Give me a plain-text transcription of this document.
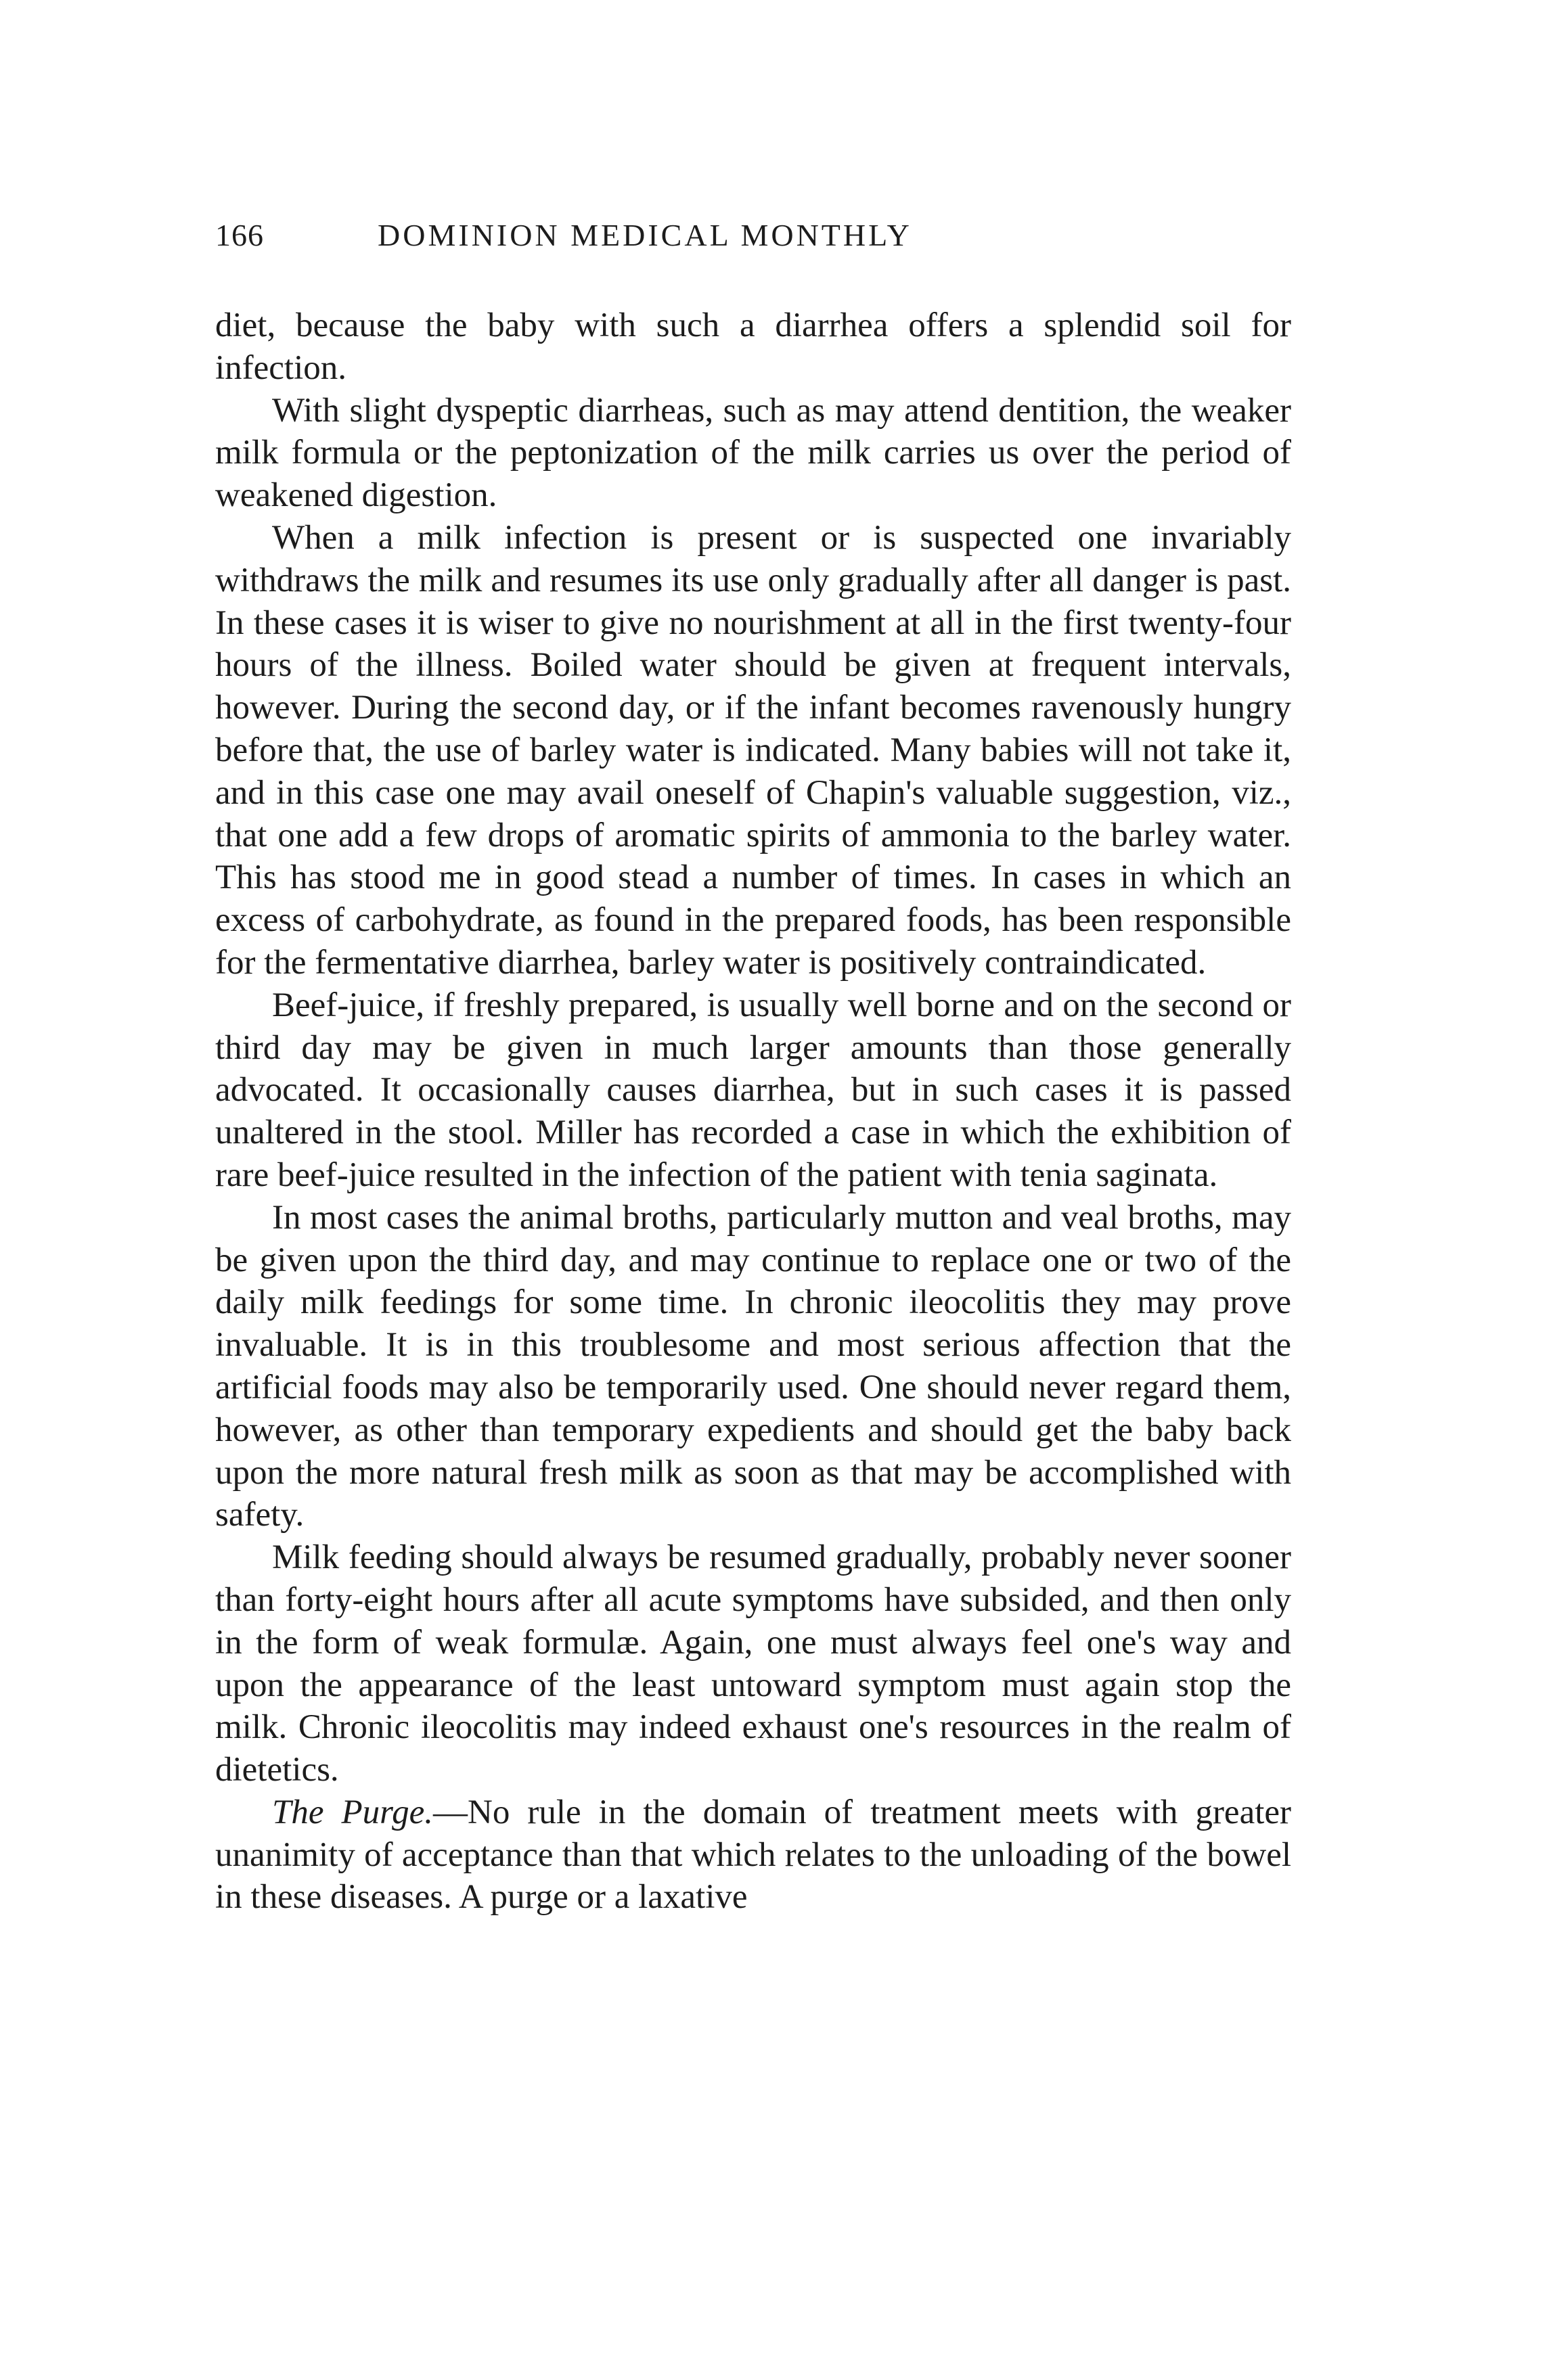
166	DOMINION MEDICAL MONTHLY

diet, because the baby with such a diarrhea offers a splendid soil for infection.

With slight dyspeptic diarrheas, such as may attend dentition, the weaker milk formula or the peptonization of the milk carries us over the period of weakened digestion.

When a milk infection is present or is suspected one invariably withdraws the milk and resumes its use only gradually after all danger is past. In these cases it is wiser to give no nourishment at all in the first twenty-four hours of the illness. Boiled water should be given at frequent intervals, however. During the second day, or if the infant becomes ravenously hungry before that, the use of barley water is indicated. Many babies will not take it, and in this case one may avail oneself of Chapin's valuable suggestion, viz., that one add a few drops of aromatic spirits of ammonia to the barley water. This has stood me in good stead a number of times. In cases in which an excess of carbohydrate, as found in the prepared foods, has been responsible for the fermentative diarrhea, barley water is positively contraindicated.

Beef-juice, if freshly prepared, is usually well borne and on the second or third day may be given in much larger amounts than those generally advocated. It occasionally causes diarrhea, but in such cases it is passed unaltered in the stool. Miller has recorded a case in which the exhibition of rare beef-juice resulted in the infection of the patient with tenia saginata.

In most cases the animal broths, particularly mutton and veal broths, may be given upon the third day, and may continue to replace one or two of the daily milk feedings for some time. In chronic ileocolitis they may prove invaluable. It is in this troublesome and most serious affection that the artificial foods may also be temporarily used. One should never regard them, however, as other than temporary expedients and should get the baby back upon the more natural fresh milk as soon as that may be accomplished with safety.

Milk feeding should always be resumed gradually, probably never sooner than forty-eight hours after all acute symptoms have subsided, and then only in the form of weak formulæ. Again, one must always feel one's way and upon the appearance of the least untoward symptom must again stop the milk. Chronic ileocolitis may indeed exhaust one's resources in the realm of dietetics.

The Purge.—No rule in the domain of treatment meets with greater unanimity of acceptance than that which relates to the unloading of the bowel in these diseases. A purge or a laxative
